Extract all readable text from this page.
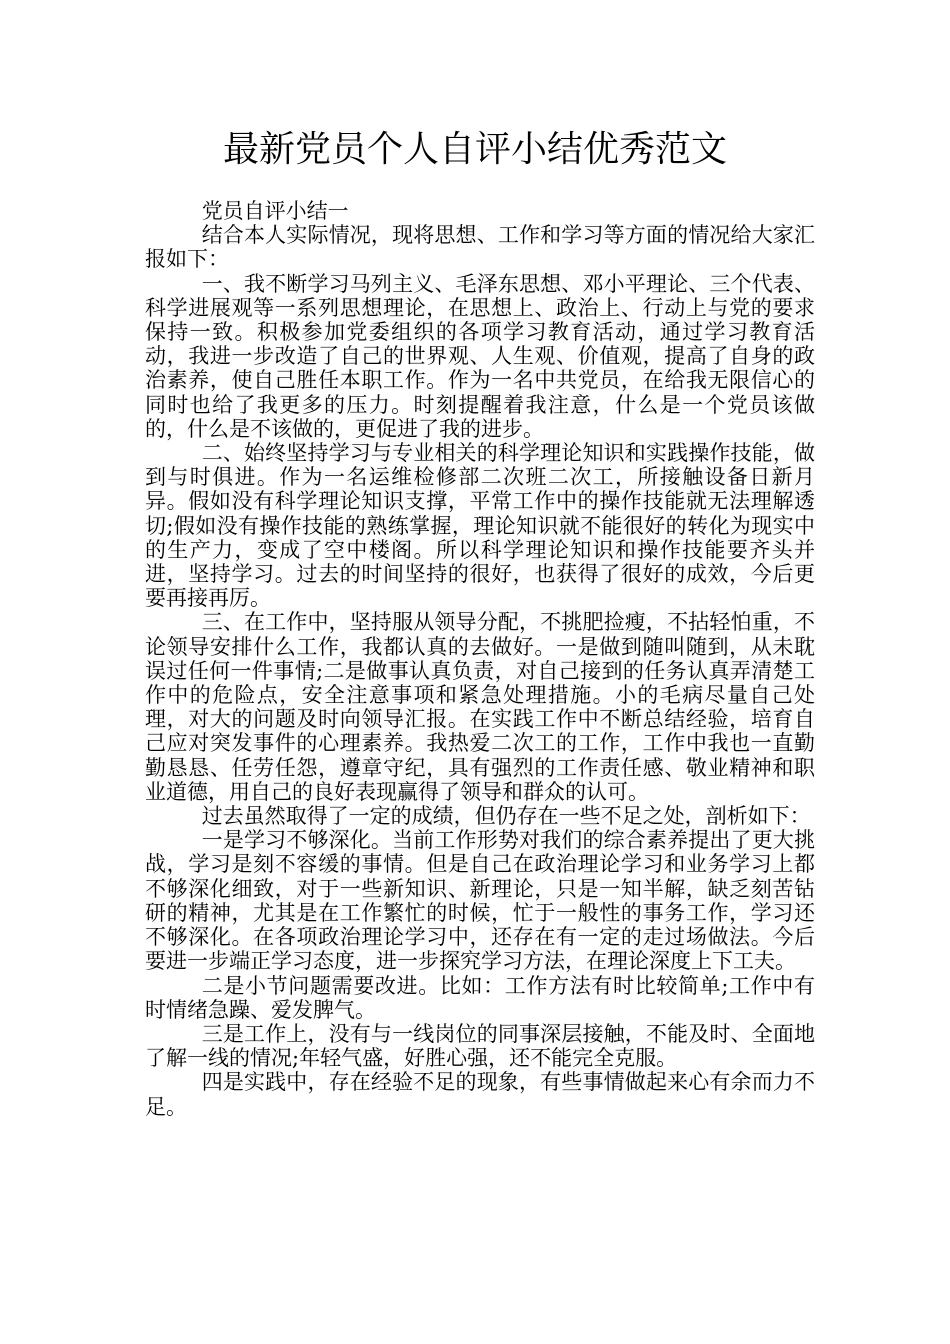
最新党员个人自评小结优秀范文

党员自评小结一

结合本人实际情况，现将思想、工作和学习等方面的情况给大家汇报如下：

一、我不断学习马列主义、毛泽东思想、邓小平理论、三个代表、科学进展观等一系列思想理论，在思想上、政治上、行动上与党的要求保持一致。积极参加党委组织的各项学习教育活动，通过学习教育活动，我进一步改造了自己的世界观、人生观、价值观，提高了自身的政治素养，使自己胜任本职工作。作为一名中共党员，在给我无限信心的同时也给了我更多的压力。时刻提醒着我注意，什么是一个党员该做的，什么是不该做的，更促进了我的进步。

二、始终坚持学习与专业相关的科学理论知识和实践操作技能，做到与时俱进。作为一名运维检修部二次班二次工，所接触设备日新月异。假如没有科学理论知识支撑，平常工作中的操作技能就无法理解透切;假如没有操作技能的熟练掌握，理论知识就不能很好的转化为现实中的生产力，变成了空中楼阁。所以科学理论知识和操作技能要齐头并进，坚持学习。过去的时间坚持的很好，也获得了很好的成效，今后更要再接再厉。

三、在工作中，坚持服从领导分配，不挑肥捡瘦，不拈轻怕重，不论领导安排什么工作，我都认真的去做好。一是做到随叫随到，从未耽误过任何一件事情;二是做事认真负责，对自己接到的任务认真弄清楚工作中的危险点，安全注意事项和紧急处理措施。小的毛病尽量自己处理，对大的问题及时向领导汇报。在实践工作中不断总结经验，培育自己应对突发事件的心理素养。我热爱二次工的工作，工作中我也一直勤勤恳恳、任劳任怨，遵章守纪，具有强烈的工作责任感、敬业精神和职业道德，用自己的良好表现赢得了领导和群众的认可。

过去虽然取得了一定的成绩，但仍存在一些不足之处，剖析如下：

一是学习不够深化。当前工作形势对我们的综合素养提出了更大挑战，学习是刻不容缓的事情。但是自己在政治理论学习和业务学习上都不够深化细致，对于一些新知识、新理论，只是一知半解，缺乏刻苦钻研的精神，尤其是在工作繁忙的时候，忙于一般性的事务工作，学习还不够深化。在各项政治理论学习中，还存在有一定的走过场做法。今后要进一步端正学习态度，进一步探究学习方法，在理论深度上下工夫。

二是小节问题需要改进。比如：工作方法有时比较简单;工作中有时情绪急躁、爱发脾气。

三是工作上，没有与一线岗位的同事深层接触，不能及时、全面地了解一线的情况;年轻气盛，好胜心强，还不能完全克服。

四是实践中，存在经验不足的现象，有些事情做起来心有余而力不足。
